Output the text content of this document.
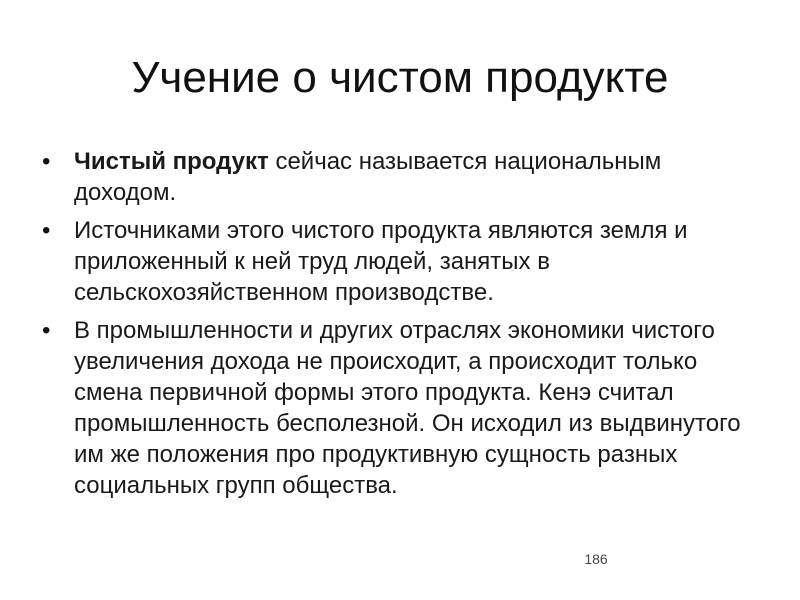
Учение о чистом продукте
• Чистый продукт сейчас называется национальным доходом.
• Источниками этого чистого продукта являются земля и приложенный к ней труд людей, занятых в сельскохозяйственном производстве.
• В промышленности и других отраслях экономики чистого увеличения дохода не происходит, а происходит только смена первичной формы этого продукта. Кенэ считал промышленность бесполезной. Он исходил из выдвинутого им же положения про продуктивную сущность разных социальных групп общества.
186
